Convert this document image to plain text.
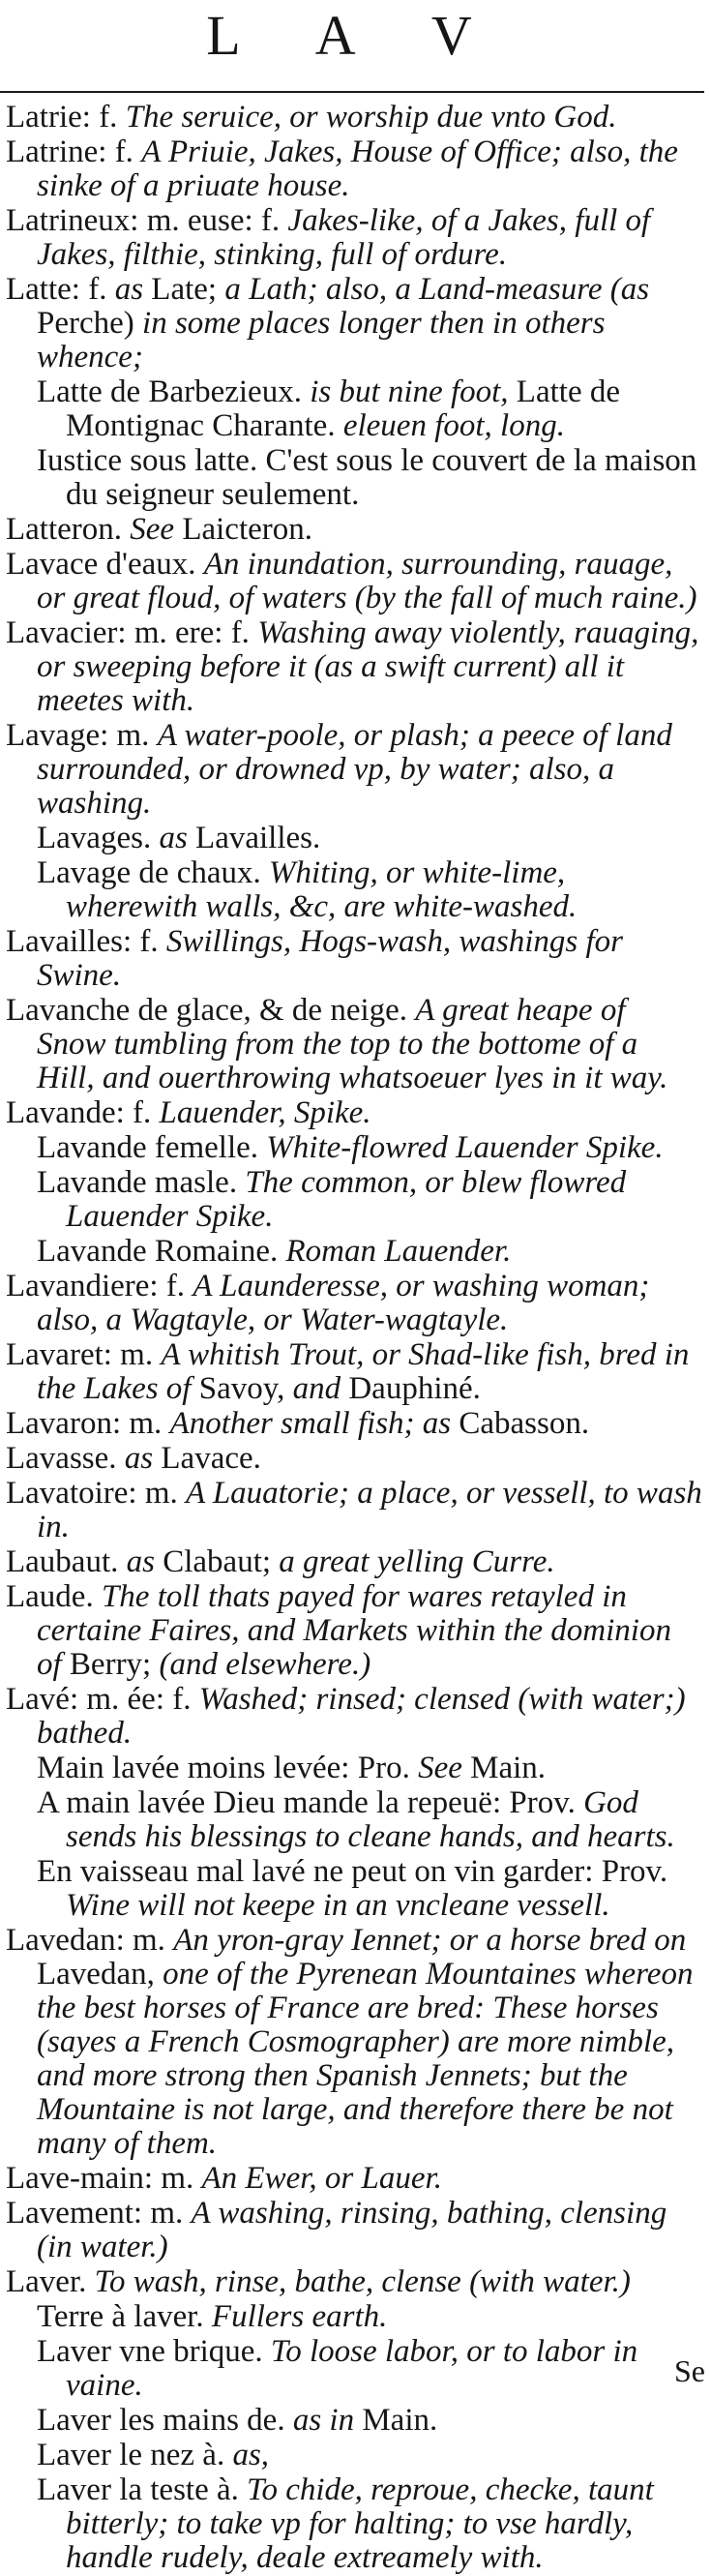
L A V
Latrie: f. The seruice, or worship due vnto God.
Latrine: f. A Priuie, Jakes, House of Office; also, the sinke of a priuate house.
Latrineux: m. euse: f. Jakes-like, of a Jakes, full of Jakes, filthie, stinking, full of ordure.
Latte: f. as Late; a Lath; also, a Land-measure (as Perche) in some places longer then in others whence;
Latte de Barbezieux. is but nine foot, Latte de Montignac Charante. eleuen foot, long.
Iustice sous latte. C'est sous le couvert de la maison du seigneur seulement.
Latteron. See Laicteron.
Lavace d'eaux. An inundation, surrounding, rauage, or great floud, of waters (by the fall of much raine.)
Lavacier: m. ere: f. Washing away violently, rauaging, or sweeping before it (as a swift current) all it meetes with.
Lavage: m. A water-poole, or plash; a peece of land surrounded, or drowned vp, by water; also, a washing.
Lavages. as Lavailles.
Lavage de chaux. Whiting, or white-lime, wherewith walls, &c, are white-washed.
Lavailles: f. Swillings, Hogs-wash, washings for Swine.
Lavanche de glace, & de neige. A great heape of Snow tumbling from the top to the bottome of a Hill, and ouerthrowing whatsoeuer lyes in it way.
Lavande: f. Lauender, Spike.
Lavande femelle. White-flowred Lauender Spike.
Lavande masle. The common, or blew flowred Lauender Spike.
Lavande Romaine. Roman Lauender.
Lavandiere: f. A Launderesse, or washing woman; also, a Wagtayle, or Water-wagtayle.
Lavaret: m. A whitish Trout, or Shad-like fish, bred in the Lakes of Savoy, and Dauphiné.
Lavaron: m. Another small fish; as Cabasson.
Lavasse. as Lavace.
Lavatoire: m. A Lauatorie; a place, or vessell, to wash in.
Laubaut. as Clabaut; a great yelling Curre.
Laude. The toll thats payed for wares retayled in certaine Faires, and Markets within the dominion of Berry; (and elsewhere.)
Lavé: m. ée: f. Washed; rinsed; clensed (with water;) bathed.
Main lavée moins levée: Pro. See Main.
A main lavée Dieu mande la repeuë: Prov. God sends his blessings to cleane hands, and hearts.
En vaisseau mal lavé ne peut on vin garder: Prov. Wine will not keepe in an vncleane vessell.
Lavedan: m. An yron-gray Iennet; or a horse bred on Lavedan, one of the Pyrenean Mountaines whereon the best horses of France are bred: These horses (sayes a French Cosmographer) are more nimble, and more strong then Spanish Jennets; but the Mountaine is not large, and therefore there be not many of them.
Lave-main: m. An Ewer, or Lauer.
Lavement: m. A washing, rinsing, bathing, clensing (in water.)
Laver. To wash, rinse, bathe, clense (with water.)
Terre à laver. Fullers earth.
Laver vne brique. To loose labor, or to labor in vaine.
Laver les mains de. as in Main.
Laver le nez à. as,
Laver la teste à. To chide, reproue, checke, taunt bitterly; to take vp for halting; to vse hardly, handle rudely, deale extreamely with.
Se
